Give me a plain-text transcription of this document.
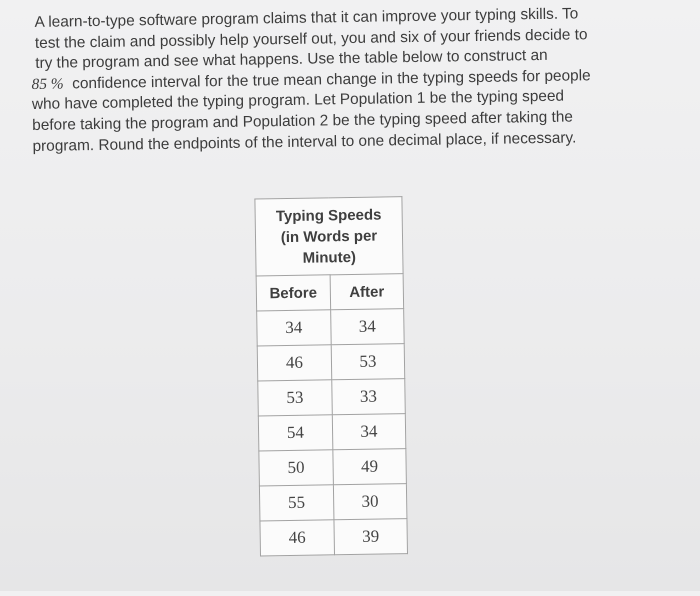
A learn-to-type software program claims that it can improve your typing skills. To
test the claim and possibly help yourself out, you and six of your friends decide to
try the program and see what happens. Use the table below to construct an
85 % confidence interval for the true mean change in the typing speeds for people
who have completed the typing program. Let Population 1 be the typing speed
before taking the program and Population 2 be the typing speed after taking the
program. Round the endpoints of the interval to one decimal place, if necessary.

Typing Speeds
(in Words per
Minute)	

Before	After
34	34
46	53
53	33
54	34
50	49
55	30
46	39
